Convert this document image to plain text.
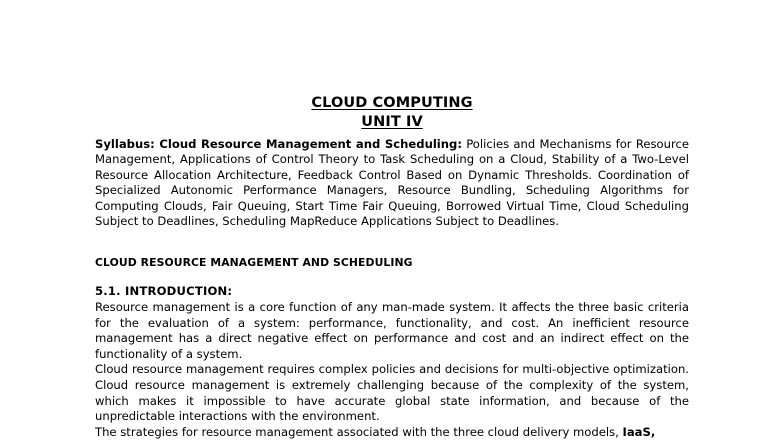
CLOUD COMPUTING
UNIT IV
Syllabus: Cloud Resource Management and Scheduling: Policies and Mechanisms for Resource Management, Applications of Control Theory to Task Scheduling on a Cloud, Stability of a Two-Level Resource Allocation Architecture, Feedback Control Based on Dynamic Thresholds. Coordination of Specialized Autonomic Performance Managers, Resource Bundling, Scheduling Algorithms for Computing Clouds, Fair Queuing, Start Time Fair Queuing, Borrowed Virtual Time, Cloud Scheduling Subject to Deadlines, Scheduling MapReduce Applications Subject to Deadlines.
CLOUD RESOURCE MANAGEMENT AND SCHEDULING
5.1. INTRODUCTION:

Resource management is a core function of any man-made system. It affects the three basic criteria for the evaluation of a system: performance, functionality, and cost. An inefficient resource management has a direct negative effect on performance and cost and an indirect effect on the functionality of a system.

Cloud resource management requires complex policies and decisions for multi-objective optimization. Cloud resource management is extremely challenging because of the complexity of the system, which makes it impossible to have accurate global state information, and because of the unpredictable interactions with the environment.

The strategies for resource management associated with the three cloud delivery models, IaaS,
